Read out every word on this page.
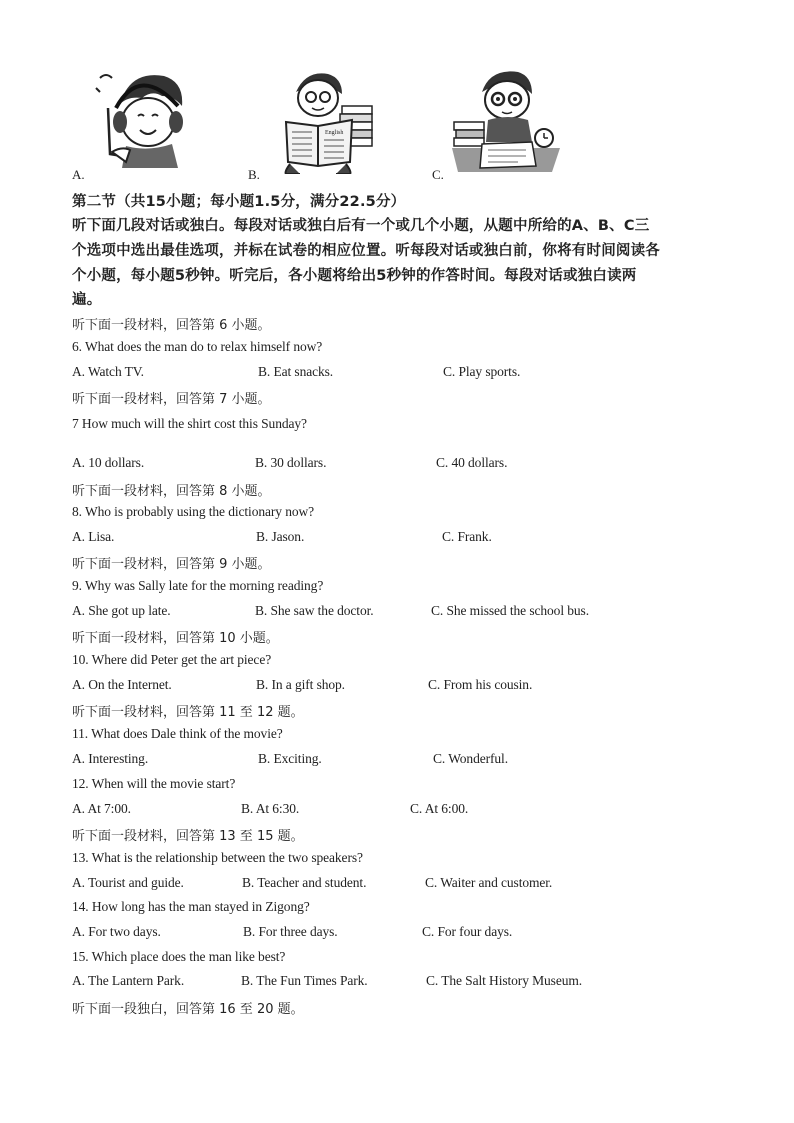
A.
English
B.	C.
第二节（共15小题；每小题1.5分，满分22.5分）
听下面几段对话或独白。每段对话或独白后有一个或几个小题，从题中所给的A、B、C三
个选项中选出最佳选项，并标在试卷的相应位置。听每段对话或独白前，你将有时间阅读各
个小题，每小题5秒钟。听完后，各小题将给出5秒钟的作答时间。每段对话或独白读两
遍。
听下面一段材料，回答第 6 小题。
6. What does the man do to relax himself now?
A. Watch TV.	B. Eat snacks.	C. Play sports.
听下面一段材料，回答第 7 小题。
7 How much will the shirt cost this Sunday?
A. 10 dollars.	B. 30 dollars.	C. 40 dollars.
听下面一段材料，回答第 8 小题。
8. Who is probably using the dictionary now?
A. Lisa.	B. Jason.	C. Frank.
听下面一段材料，回答第 9 小题。
9. Why was Sally late for the morning reading?
A. She got up late.	B. She saw the doctor.	C. She missed the school bus.
听下面一段材料，回答第 10 小题。
10. Where did Peter get the art piece?
A. On the Internet.	B. In a gift shop.	C. From his cousin.
听下面一段材料，回答第 11 至 12 题。
11. What does Dale think of the movie?
A. Interesting.	B. Exciting.	C. Wonderful.
12. When will the movie start?
A. At 7:00.	B. At 6:30.	C. At 6:00.
听下面一段材料，回答第 13 至 15 题。
13. What is the relationship between the two speakers?
A. Tourist and guide.	B. Teacher and student.	C. Waiter and customer.
14. How long has the man stayed in Zigong?
A. For two days.	B. For three days.	C. For four days.
15. Which place does the man like best?
A. The Lantern Park.	B. The Fun Times Park.	C. The Salt History Museum.
听下面一段独白，回答第 16 至 20 题。
